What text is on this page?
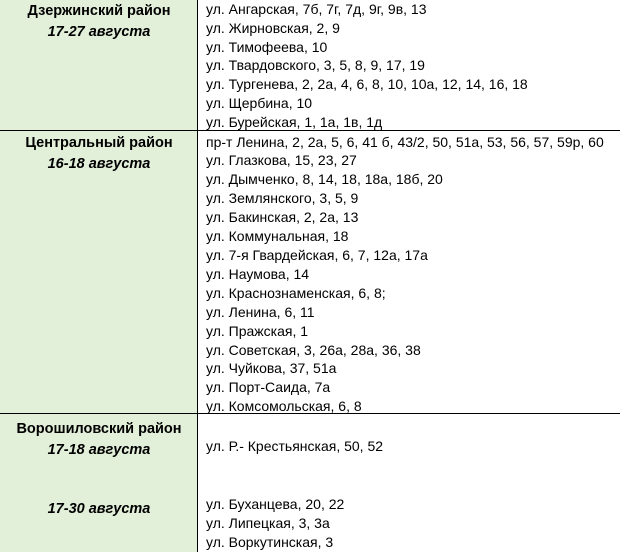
Дзержинский район
17-27 августа
ул. Ангарская, 7б, 7г, 7д, 9г, 9в, 13
ул. Жирновская, 2, 9
ул. Тимофеева, 10
ул. Твардовского, 3, 5, 8, 9, 17, 19
ул. Тургенева, 2, 2а, 4, 6, 8, 10, 10а, 12, 14, 16, 18
ул. Щербина, 10
ул. Бурейская, 1, 1а, 1в, 1д
Центральный район
16-18 августа
пр-т Ленина, 2, 2а, 5, 6, 41 б, 43/2, 50, 51а, 53, 56, 57, 59р, 60
ул. Глазкова, 15, 23, 27
ул. Дымченко, 8, 14, 18, 18а, 18б, 20
ул. Землянского, 3, 5, 9
ул. Бакинская, 2, 2а, 13
ул. Коммунальная, 18
ул. 7-я Гвардейская, 6, 7, 12а, 17а
ул. Наумова, 14
ул. Краснознаменская, 6, 8;
ул. Ленина, 6, 11
ул. Пражская, 1
ул. Советская, 3, 26а, 28а, 36, 38
ул. Чуйкова, 37, 51а
ул. Порт-Саида, 7а
ул. Комсомольская, 6, 8
Ворошиловский район
17-18 августа	ул. Р.- Крестьянская, 50, 52
17-30 августа	ул. Буханцева, 20, 22
ул. Липецкая, 3, 3а
ул. Воркутинская, 3
